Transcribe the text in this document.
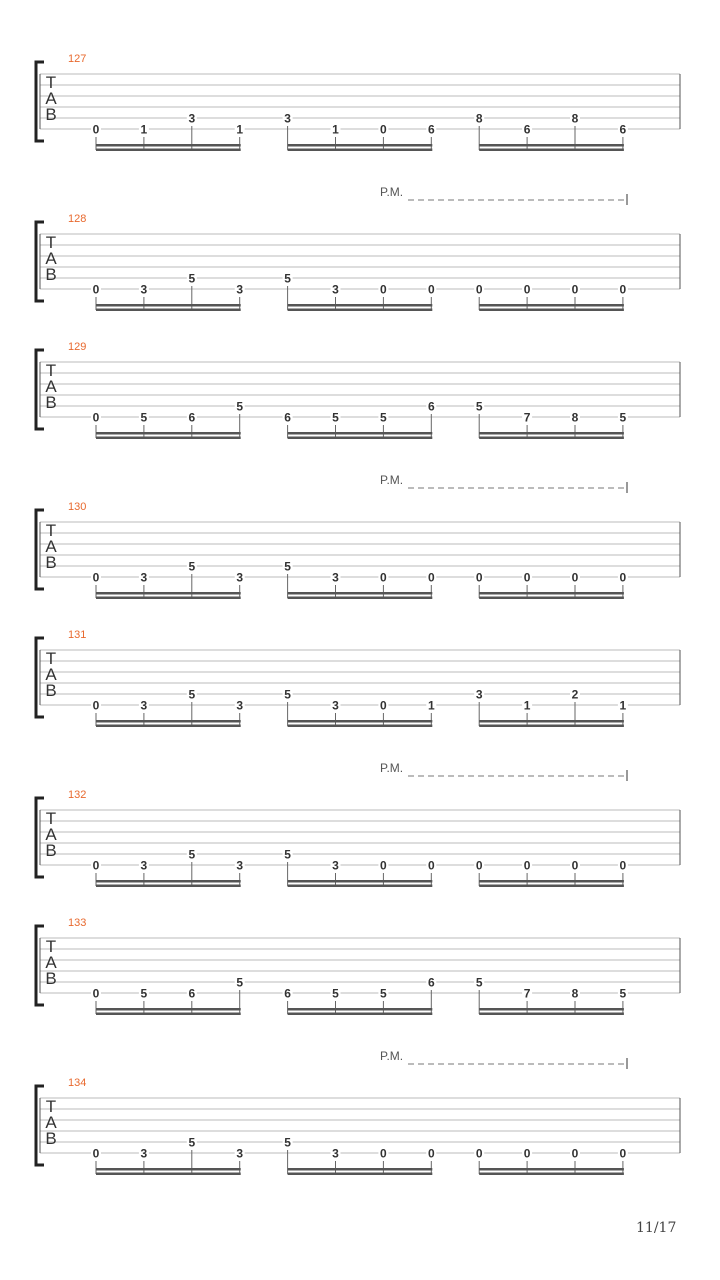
127
T
A
B
0	1
3
1
3
1	0	6
8
6
8
6
P.M.
128
T
A
B
0	3
5
3
5
3	0	0	0	0	0	0
129
T
A
B
0	5	6
5
6	5	5
6	5
7	8	5
P.M.
130
T
A
B
0	3
5
3
5
3	0	0	0	0	0	0
131
T
A
B
0	3
5
3
5
3	0	1
3
1
2
1
P.M.
132
T
A
B
0	3
5
3
5
3	0	0	0	0	0	0
133
T
A
B
0	5	6
5
6	5	5
6	5
7	8	5
P.M.
134
T
A
B
0	3
5
3
5
3	0	0	0	0	0	0
11/17
